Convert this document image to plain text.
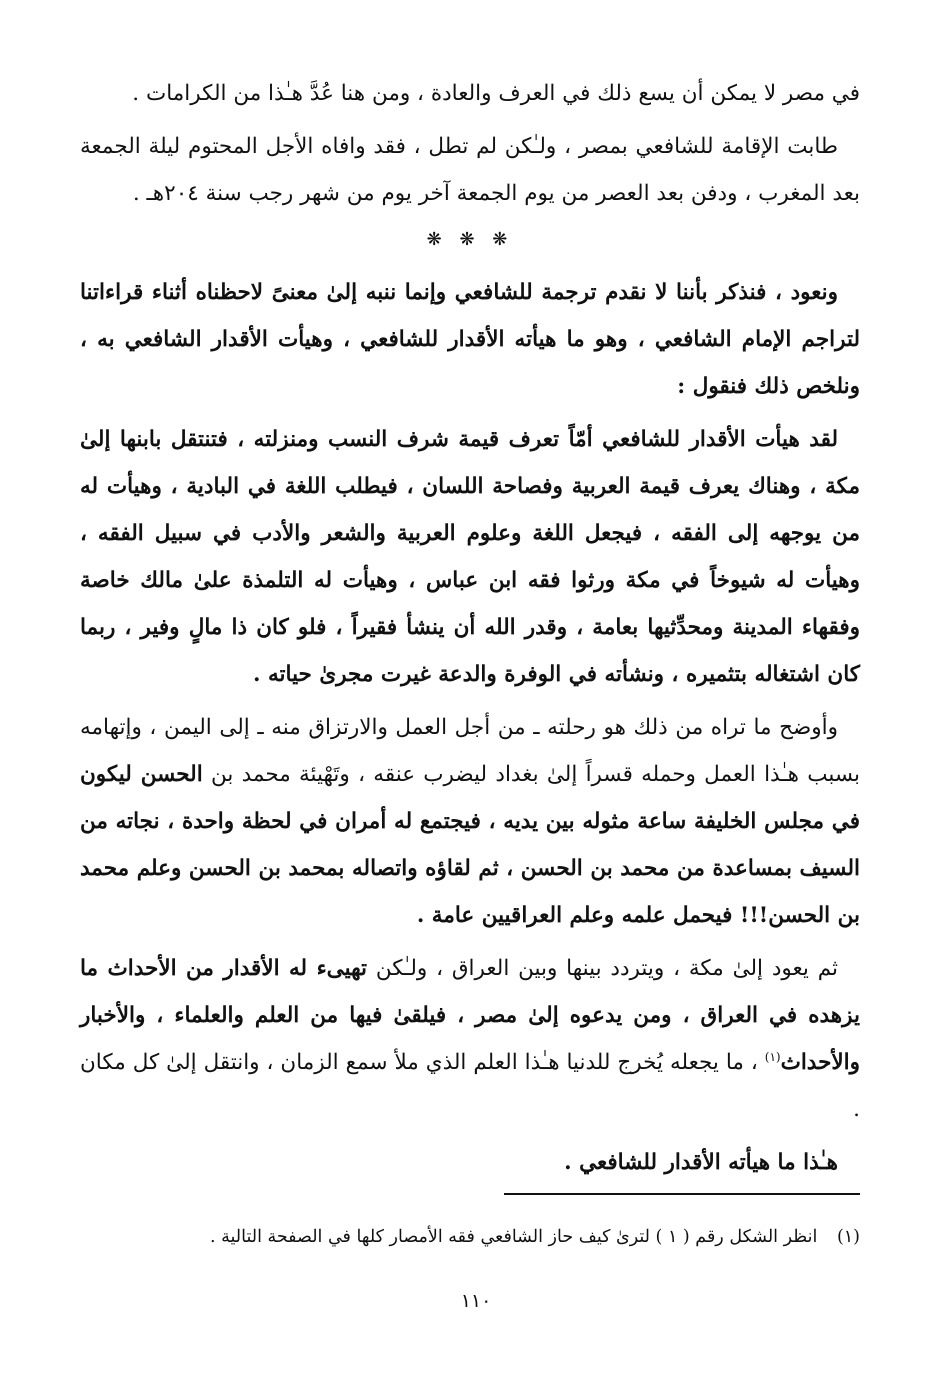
في مصر لا يمكن أن يسع ذلك في العرف والعادة ، ومن هنا عُدَّ هـٰذا من الكرامات .

طابت الإقامة للشافعي بمصر ، ولـٰكن لم تطل ، فقد وافاه الأجل المحتوم ليلة الجمعة بعد المغرب ، ودفن بعد العصر من يوم الجمعة آخر يوم من شهر رجب سنة ٢٠٤هـ .

❋ ❋ ❋

ونعود ، فنذكر بأننا لا نقدم ترجمة للشافعي وإنما ننبه إلىٰ معنىً لاحظناه أثناء قراءاتنا لتراجم الإمام الشافعي ، وهو ما هيأته الأقدار للشافعي ، وهيأت الأقدار الشافعي به ، ونلخص ذلك فنقول :

لقد هيأت الأقدار للشافعي أمّاً تعرف قيمة شرف النسب ومنزلته ، فتنتقل بابنها إلىٰ مكة ، وهناك يعرف قيمة العربية وفصاحة اللسان ، فيطلب اللغة في البادية ، وهيأت له من يوجهه إلى الفقه ، فيجعل اللغة وعلوم العربية والشعر والأدب في سبيل الفقه ، وهيأت له شيوخاً في مكة ورثوا فقه ابن عباس ، وهيأت له التلمذة علىٰ مالك خاصة وفقهاء المدينة ومحدِّثيها بعامة ، وقدر الله أن ينشأ فقيراً ، فلو كان ذا مالٍ وفير ، ربما كان اشتغاله بتثميره ، ونشأته في الوفرة والدعة غيرت مجرىٰ حياته .

وأوضح ما تراه من ذلك هو رحلته ـ من أجل العمل والارتزاق منه ـ إلى اليمن ، وإتهامه بسبب هـٰذا العمل وحمله قسراً إلىٰ بغداد ليضرب عنقه ، وتَهْيئة محمد بن الحسن ليكون في مجلس الخليفة ساعة مثوله بين يديه ، فيجتمع له أمران في لحظة واحدة ، نجاته من السيف بمساعدة من محمد بن الحسن ، ثم لقاؤه واتصاله بمحمد بن الحسن وعلم محمد بن الحسن!!! فيحمل علمه وعلم العراقيين عامة .

ثم يعود إلىٰ مكة ، ويتردد بينها وبين العراق ، ولـٰكن تهيىء له الأقدار من الأحداث ما يزهده في العراق ، ومن يدعوه إلىٰ مصر ، فيلقىٰ فيها من العلم والعلماء ، والأخبار والأحداث$^{(١)}$ ، ما يجعله يُخرج للدنيا هـٰذا العلم الذي ملأ سمع الزمان ، وانتقل إلىٰ كل مكان .

هـٰذا ما هيأته الأقدار للشافعي .

(١) انظر الشكل رقم ( ١ ) لترىٰ كيف حاز الشافعي فقه الأمصار كلها في الصفحة التالية .
١١٠
